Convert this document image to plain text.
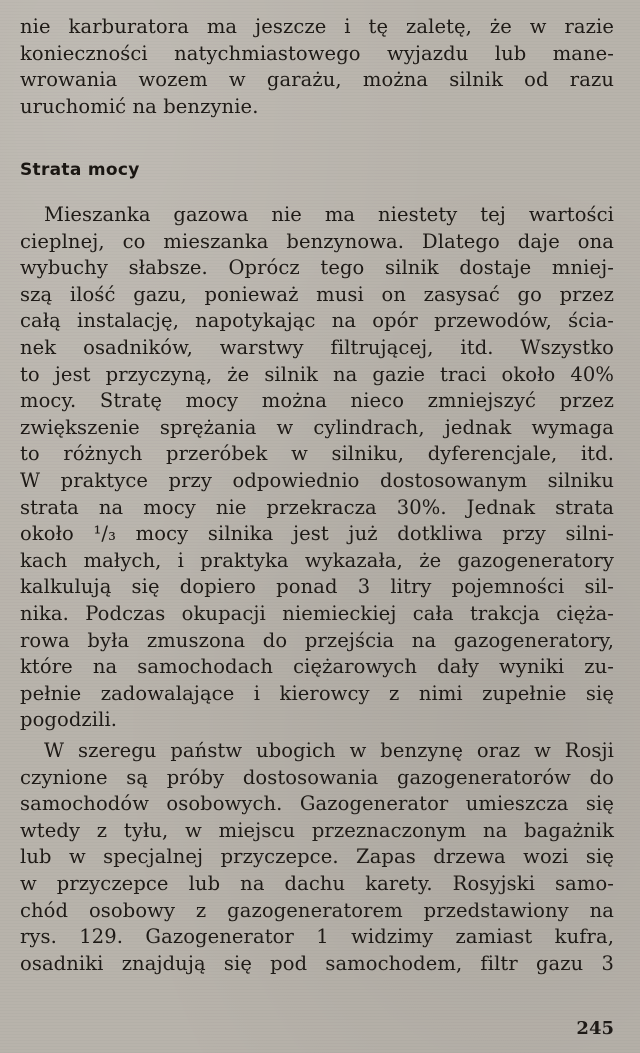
nie karburatora ma jeszcze i tę zaletę, że w razie
konieczności natychmiastowego wyjazdu lub mane-
wrowania wozem w garażu, można silnik od razu
uruchomić na benzynie.
Strata mocy
Mieszanka gazowa nie ma niestety tej wartości
cieplnej, co mieszanka benzynowa. Dlatego daje ona
wybuchy słabsze. Oprócz tego silnik dostaje mniej-
szą ilość gazu, ponieważ musi on zasysać go przez
całą instalację, napotykając na opór przewodów, ścia-
nek osadników, warstwy filtrującej, itd. Wszystko
to jest przyczyną, że silnik na gazie traci około 40%
mocy. Stratę mocy można nieco zmniejszyć przez
zwiększenie sprężania w cylindrach, jednak wymaga
to różnych przeróbek w silniku, dyferencjale, itd.
W praktyce przy odpowiednio dostosowanym silniku
strata na mocy nie przekracza 30%. Jednak strata
około ¹/₃ mocy silnika jest już dotkliwa przy silni-
kach małych, i praktyka wykazała, że gazogeneratory
kalkulują się dopiero ponad 3 litry pojemności sil-
nika. Podczas okupacji niemieckiej cała trakcja cięża-
rowa była zmuszona do przejścia na gazogeneratory,
które na samochodach ciężarowych dały wyniki zu-
pełnie zadowalające i kierowcy z nimi zupełnie się
pogodzili.
W szeregu państw ubogich w benzynę oraz w Rosji
czynione są próby dostosowania gazogeneratorów do
samochodów osobowych. Gazogenerator umieszcza się
wtedy z tyłu, w miejscu przeznaczonym na bagażnik
lub w specjalnej przyczepce. Zapas drzewa wozi się
w przyczepce lub na dachu karety. Rosyjski samo-
chód osobowy z gazogeneratorem przedstawiony na
rys. 129. Gazogenerator 1 widzimy zamiast kufra,
osadniki znajdują się pod samochodem, filtr gazu 3
245
